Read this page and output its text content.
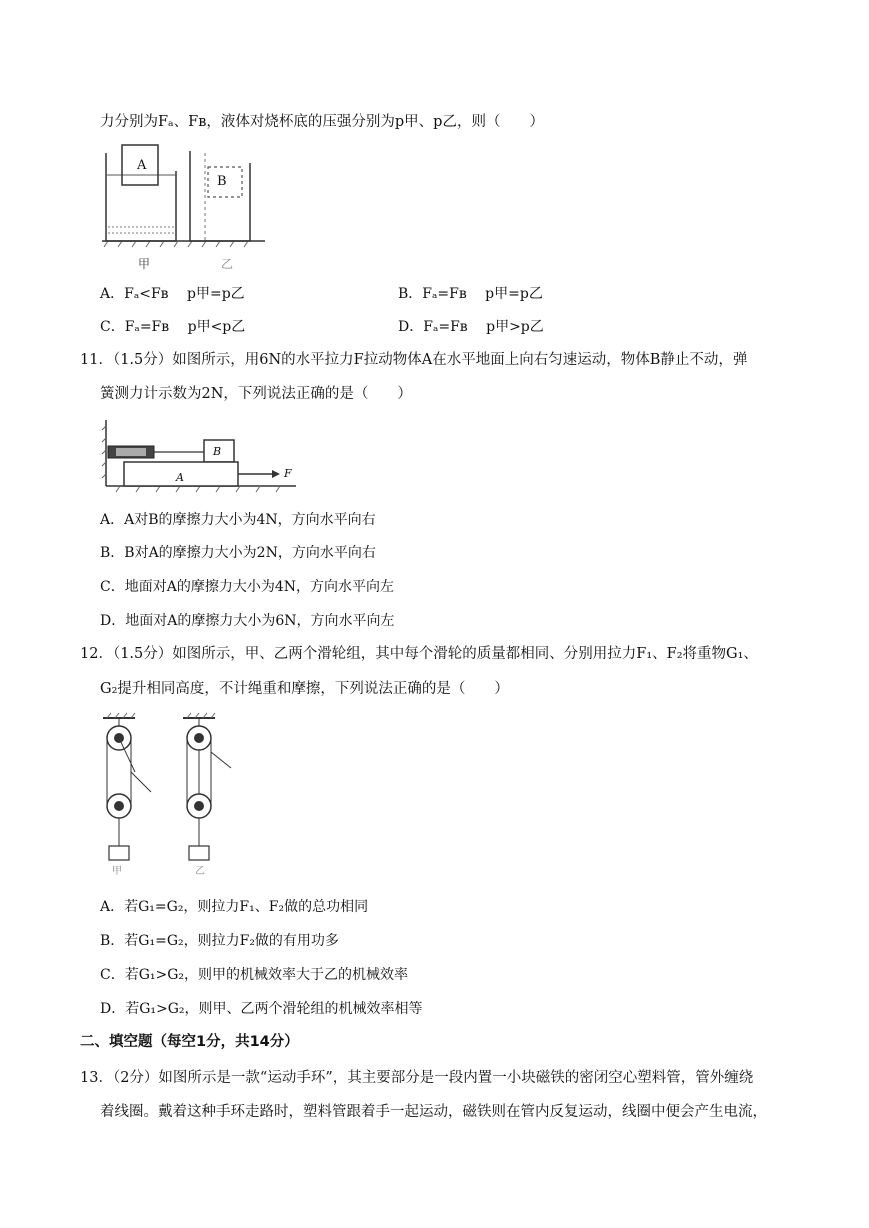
力分别为Fₐ、Fʙ，液体对烧杯底的压强分别为p甲、p乙，则（　　）
A
B
甲	乙
A．Fₐ<Fʙ　 p甲=p乙	B．Fₐ=Fʙ　 p甲=p乙
C．Fₐ=Fʙ　 p甲<p乙	D．Fₐ=Fʙ　 p甲>p乙
11．（1.5分）如图所示，用6N的水平拉力F拉动物体A在水平地面上向右匀速运动，物体B静止不动，弹
簧测力计示数为2N，下列说法正确的是（　　）
B
A	F
A．A对B的摩擦力大小为4N，方向水平向右
B．B对A的摩擦力大小为2N，方向水平向右
C．地面对A的摩擦力大小为4N，方向水平向左
D．地面对A的摩擦力大小为6N，方向水平向左
12．（1.5分）如图所示，甲、乙两个滑轮组，其中每个滑轮的质量都相同、分别用拉力F₁、F₂将重物G₁、
G₂提升相同高度，不计绳重和摩擦，下列说法正确的是（　　）
甲	乙
A．若G₁=G₂，则拉力F₁、F₂做的总功相同
B．若G₁=G₂，则拉力F₂做的有用功多
C．若G₁>G₂，则甲的机械效率大于乙的机械效率
D．若G₁>G₂，则甲、乙两个滑轮组的机械效率相等
二、填空题（每空1分，共14分）
13．（2分）如图所示是一款“运动手环”，其主要部分是一段内置一小块磁铁的密闭空心塑料管，管外缠绕
着线圈。戴着这种手环走路时，塑料管跟着手一起运动，磁铁则在管内反复运动，线圈中便会产生电流，
